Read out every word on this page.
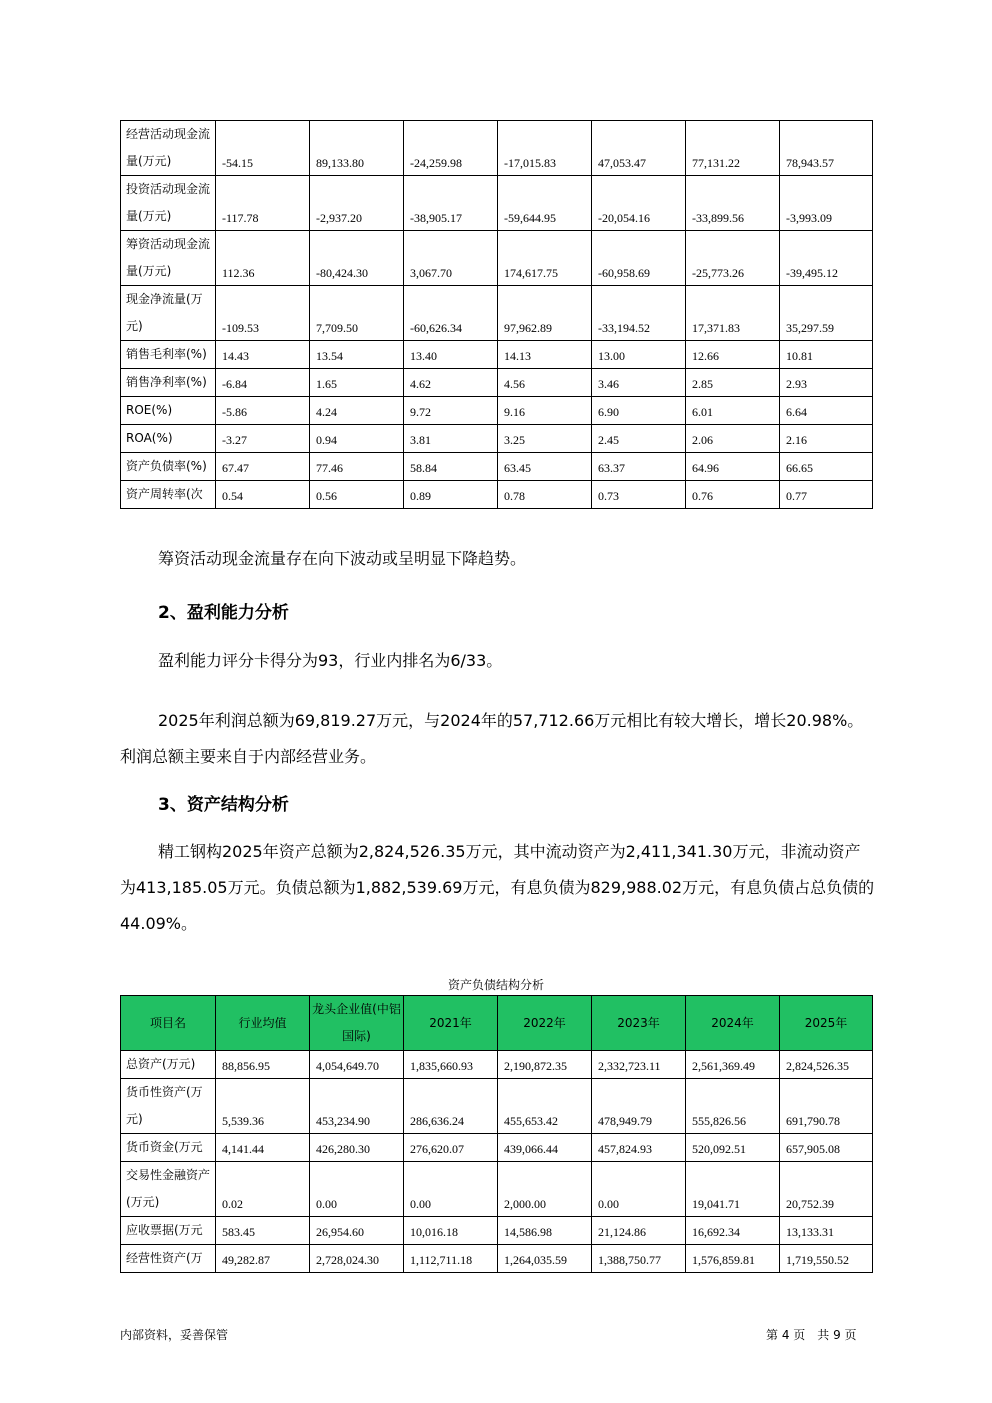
经营活动现金流量(万元)	-54.15	89,133.80	-24,259.98	-17,015.83	47,053.47	77,131.22	78,943.57
投资活动现金流量(万元)	-117.78	-2,937.20	-38,905.17	-59,644.95	-20,054.16	-33,899.56	-3,993.09
筹资活动现金流量(万元)	112.36	-80,424.30	3,067.70	174,617.75	-60,958.69	-25,773.26	-39,495.12
现金净流量(万元)	-109.53	7,709.50	-60,626.34	97,962.89	-33,194.52	17,371.83	35,297.59
销售毛利率(%)	14.43	13.54	13.40	14.13	13.00	12.66	10.81
销售净利率(%)	-6.84	1.65	4.62	4.56	3.46	2.85	2.93
ROE(%)	-5.86	4.24	9.72	9.16	6.90	6.01	6.64
ROA(%)	-3.27	0.94	3.81	3.25	2.45	2.06	2.16
资产负债率(%)	67.47	77.46	58.84	63.45	63.37	64.96	66.65
资产周转率(次	0.54	0.56	0.89	0.78	0.73	0.76	0.77

筹资活动现金流量存在向下波动或呈明显下降趋势。

2、盈利能力分析

盈利能力评分卡得分为93，行业内排名为6/33。

2025年利润总额为69,819.27万元，与2024年的57,712.66万元相比有较大增长，增长20.98%。利润总额主要来自于内部经营业务。

3、资产结构分析

精工钢构2025年资产总额为2,824,526.35万元，其中流动资产为2,411,341.30万元，非流动资产为413,185.05万元。负债总额为1,882,539.69万元，有息负债为829,988.02万元，有息负债占总负债的44.09%。

资产负债结构分析
项目名	行业均值	龙头企业值(中铝国际)	2021年	2022年	2023年	2024年	2025年
总资产(万元)	88,856.95	4,054,649.70	1,835,660.93	2,190,872.35	2,332,723.11	2,561,369.49	2,824,526.35
货币性资产(万元)	5,539.36	453,234.90	286,636.24	455,653.42	478,949.79	555,826.56	691,790.78
货币资金(万元	4,141.44	426,280.30	276,620.07	439,066.44	457,824.93	520,092.51	657,905.08
交易性金融资产(万元)	0.02	0.00	0.00	2,000.00	0.00	19,041.71	20,752.39
应收票据(万元	583.45	26,954.60	10,016.18	14,586.98	21,124.86	16,692.34	13,133.31
经营性资产(万	49,282.87	2,728,024.30	1,112,711.18	1,264,035.59	1,388,750.77	1,576,859.81	1,719,550.52
内部资料，妥善保管	第 4 页　共 9 页
